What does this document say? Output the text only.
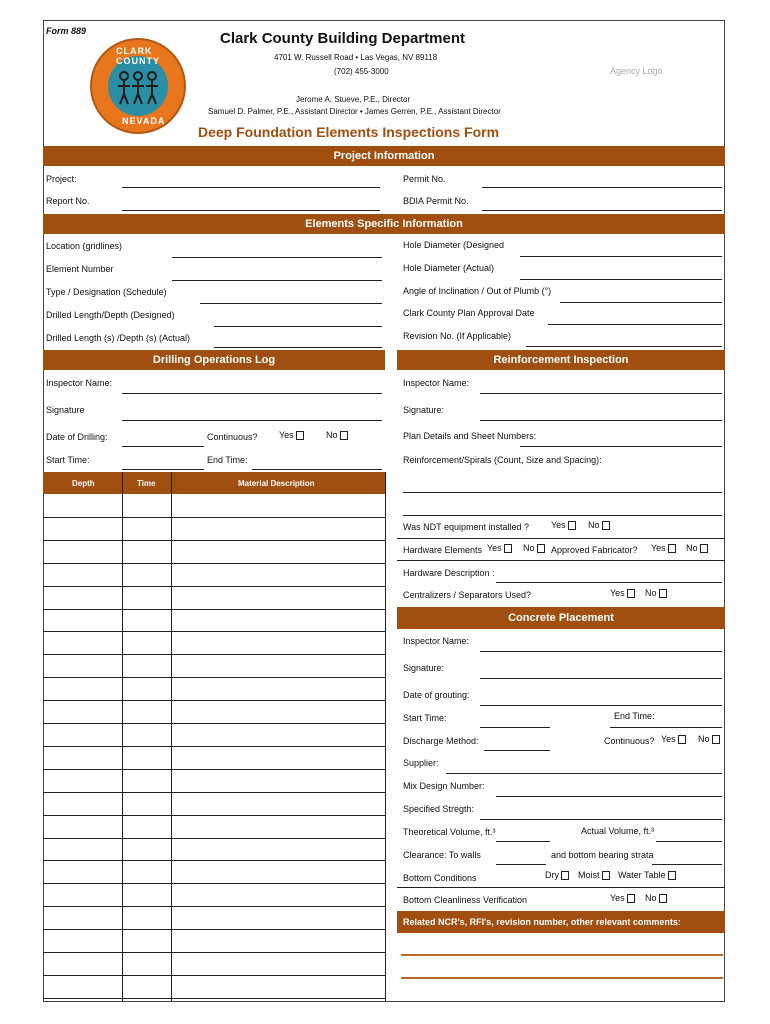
Form 889
CLARK COUNTY
NEVADA
Clark County Building Department
4701 W. Russell Road • Las Vegas, NV 89118
(702) 455-3000	Agency Logo
Jerome A. Stueve, P.E., Director
Samuel D. Palmer, P.E., Assistant Director • James Gerren, P.E., Assistant Director
Deep Foundation Elements Inspections Form
Project Information
Project:	Permit No.
Report No.	BDIA Permit No.
Elements Specific Information
Location (gridlines)
Element Number
Type / Designation (Schedule)
Drilled Length/Depth (Designed)
Drilled Length (s) /Depth (s) (Actual)
Hole Diameter (Designed
Hole Diameter (Actual)
Angle of Inclination / Out of Plumb (°)
Clark County Plan Approval Date
Revision No. (If Applicable)
Drilling Operations Log
Inspector Name:
Signature
Date of Drilling:	Continuous? Yes	No
Start Time:	End Time:
Depth	Time	Material Description
Reinforcement Inspection
Inspector Name:
Signature:
Plan Details and Sheet Numbers:
Reinforcement/Spirals (Count, Size and Spacing):
Was NDT equipment installed ? Yes	No
Hardware Elements Yes	No	Approved Fabricator? Yes	No
Hardware Description :
Centralizers / Separators Used?	Yes	No
Concrete Placement
Inspector Name:
Signature:
Date of grouting:
Start Time:	End Time:
Discharge Method:	Continuous? Yes	No
Supplier:
Mix Design Number:
Specified Stregth:
Theoretical Volume, ft.³	Actual Volume, ft.³
Clearance: To walls	and bottom bearing strata
Bottom Conditions	Dry	Moist	Water Table
Bottom Cleanliness Verification	Yes	No
Related NCR's, RFI's, revision number, other relevant comments:
